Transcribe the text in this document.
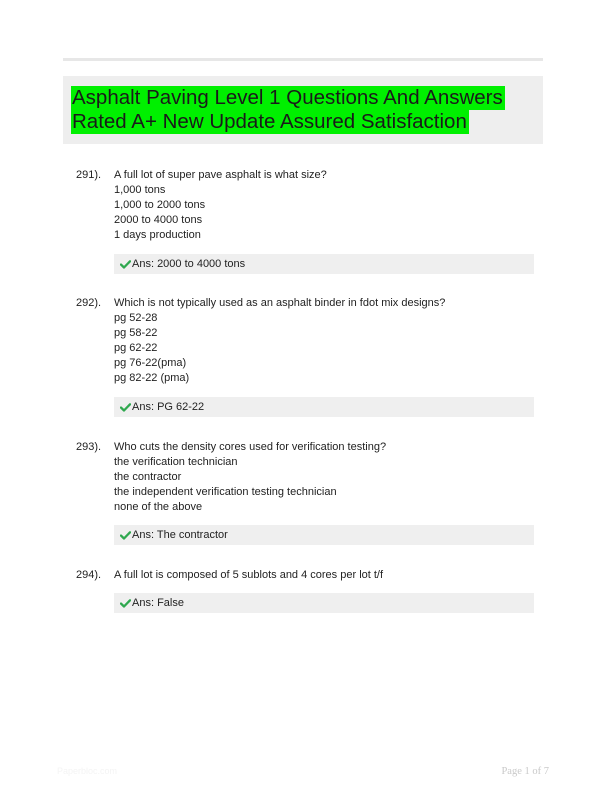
Asphalt Paving Level 1 Questions And Answers
Rated A+ New Update Assured Satisfaction
291). A full lot of super pave asphalt is what size?

1,000 tons

1,000 to 2000 tons

2000 to 4000 tons

1 days production

Ans: 2000 to 4000 tons
292). Which is not typically used as an asphalt binder in fdot mix designs?

pg 52-28

pg 58-22

pg 62-22

pg 76-22(pma)

pg 82-22 (pma)

Ans: PG 62-22
293). Who cuts the density cores used for verification testing?

the verification technician

the contractor

the independent verification testing technician

none of the above

Ans: The contractor
294). A full lot is composed of 5 sublots and 4 cores per lot t/f

Ans: False
Paperbloc.com	Page 1 of 7
